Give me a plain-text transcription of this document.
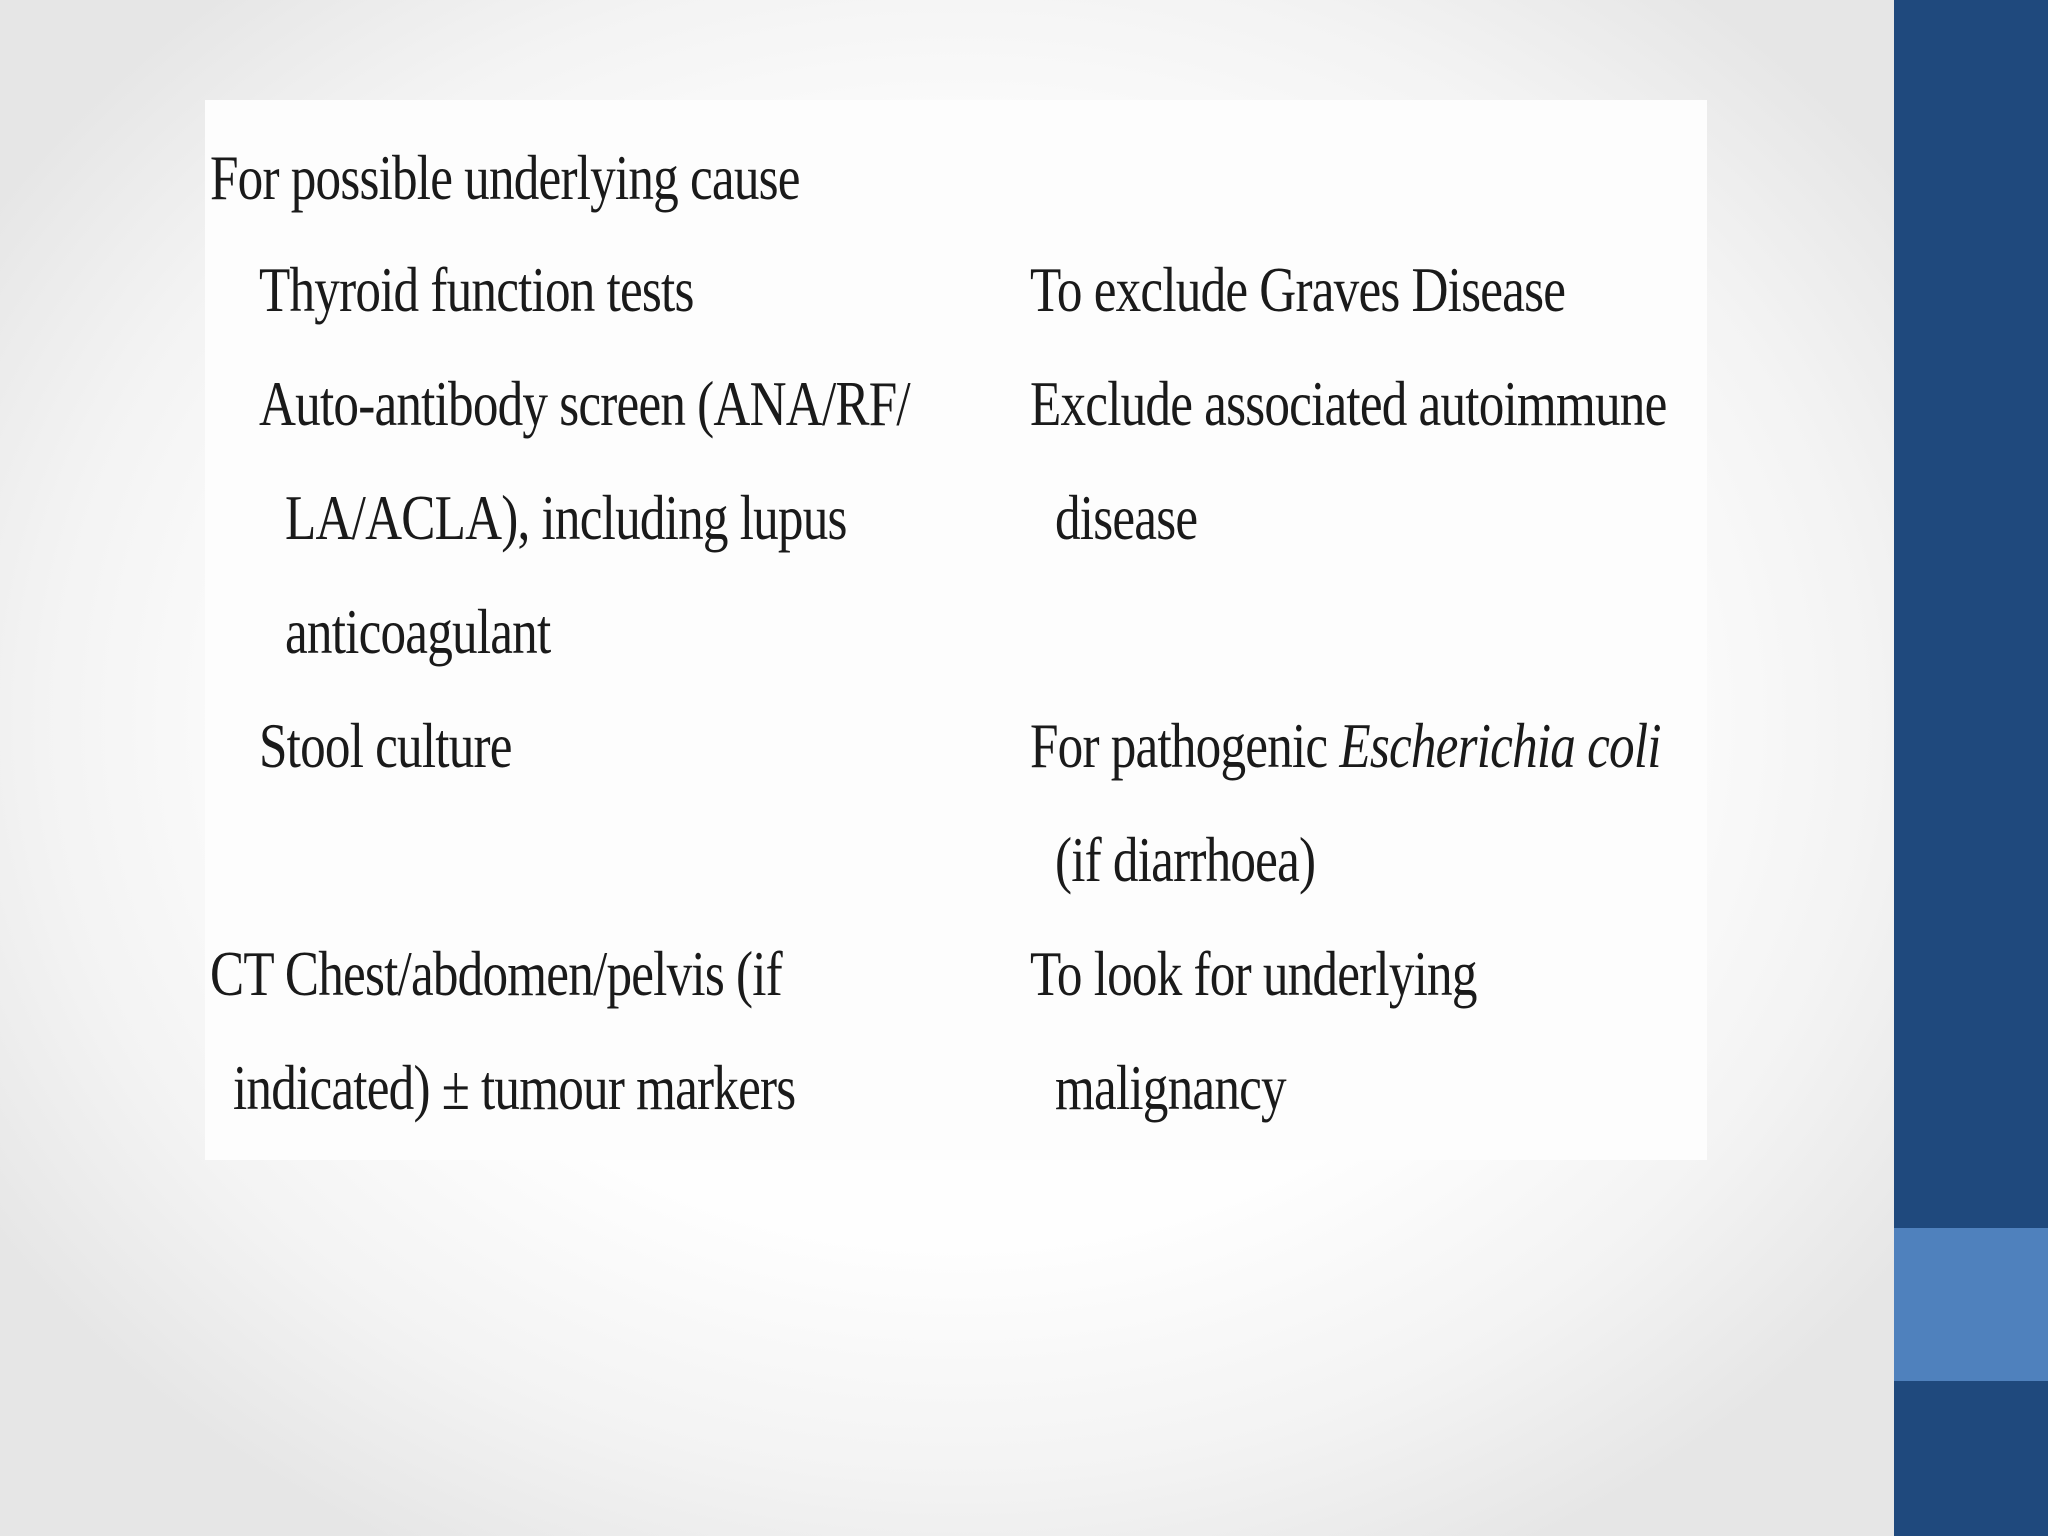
For possible underlying cause
Thyroid function tests	To exclude Graves Disease
Auto-antibody screen (ANA/RF/
LA/ACLA), including lupus
anticoagulant
Exclude associated autoimmune
disease
Stool culture	For pathogenic Escherichia coli
(if diarrhoea)
CT Chest/abdomen/pelvis (if
indicated) ± tumour markers
To look for underlying
malignancy
